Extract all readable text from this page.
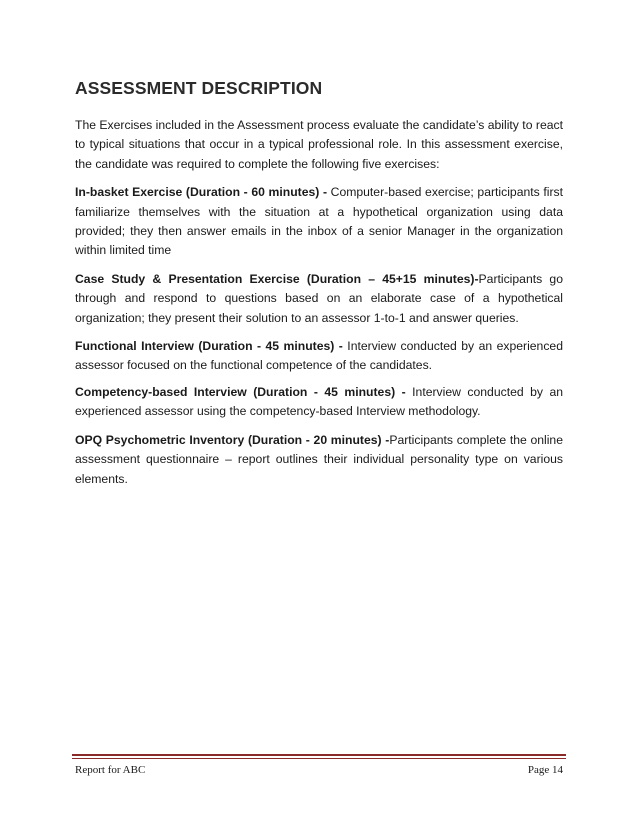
ASSESSMENT DESCRIPTION

The Exercises included in the Assessment process evaluate the candidate’s ability to react to typical situations that occur in a typical professional role. In this assessment exercise, the candidate was required to complete the following five exercises:

In-basket Exercise (Duration - 60 minutes) - Computer-based exercise; participants first familiarize themselves with the situation at a hypothetical organization using data provided; they then answer emails in the inbox of a senior Manager in the organization within limited time

Case Study & Presentation Exercise (Duration – 45+15 minutes)-Participants go through and respond to questions based on an elaborate case of a hypothetical organization; they present their solution to an assessor 1-to-1 and answer queries.

Functional Interview (Duration - 45 minutes) - Interview conducted by an experienced assessor focused on the functional competence of the candidates.

Competency-based Interview (Duration - 45 minutes) - Interview conducted by an experienced assessor using the competency-based Interview methodology.

OPQ Psychometric Inventory (Duration - 20 minutes) -Participants complete the online assessment questionnaire – report outlines their individual personality type on various elements.

Report for ABC	Page 14
